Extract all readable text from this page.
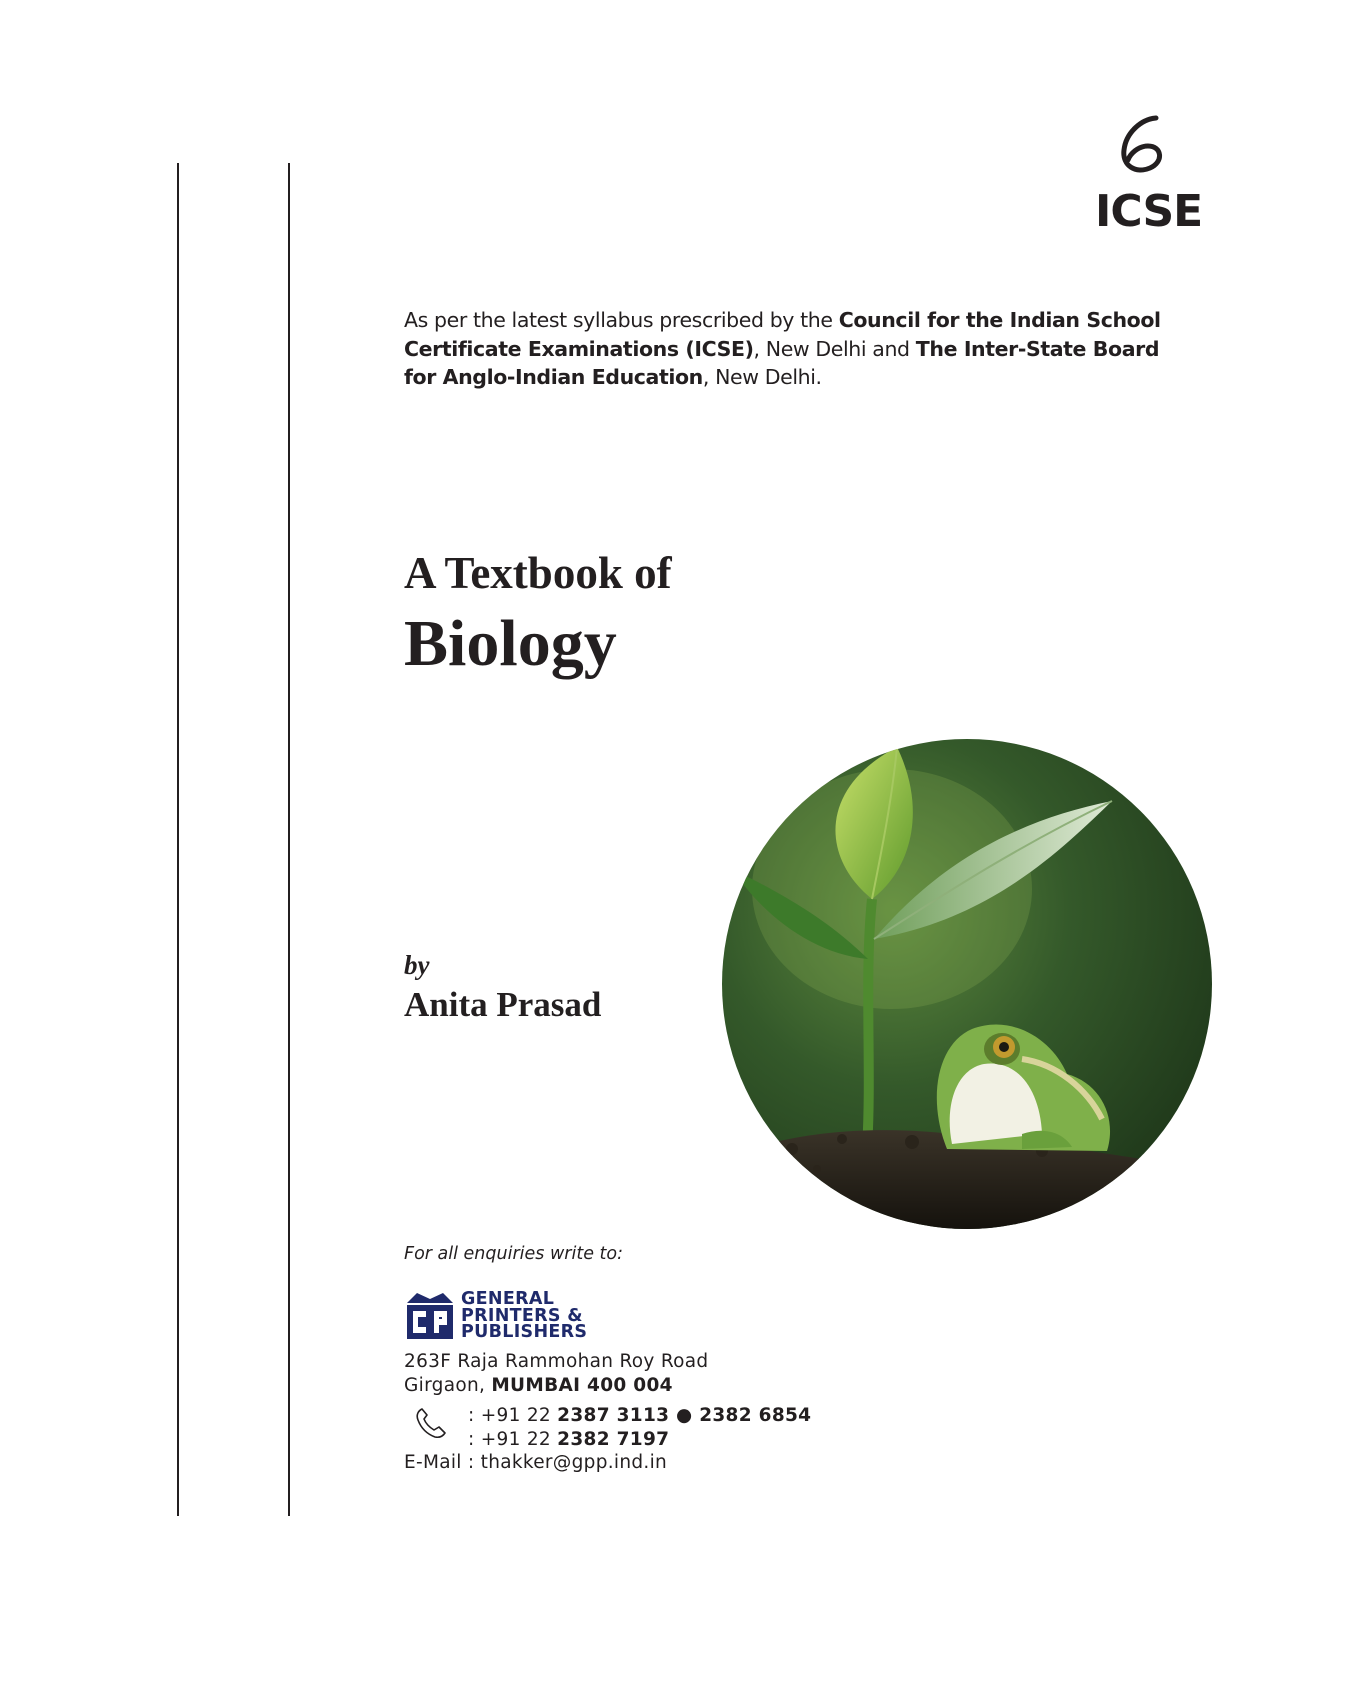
ICSE
As per the latest syllabus prescribed by the Council for the Indian School Certificate Examinations (ICSE), New Delhi and The Inter-State Board for Anglo-Indian Education, New Delhi.
A Textbook of
Biology
by
Anita Prasad
For all enquiries write to:
GENERAL
PRINTERS &
PUBLISHERS
263F Raja Rammohan Roy Road
Girgaon, MUMBAI 400 004
: +91 22 2387 3113 ● 2382 6854
: +91 22 2382 7197
E-Mail : thakker@gpp.ind.in
